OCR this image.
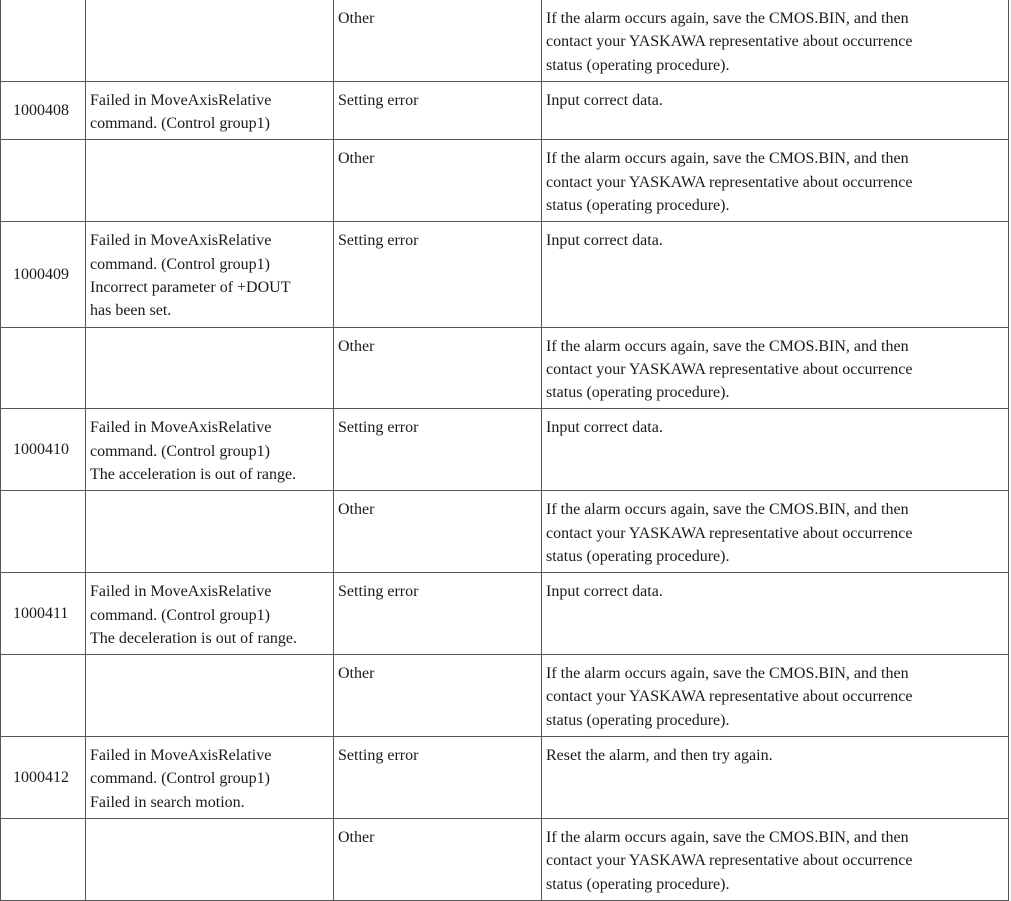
		Other	If the alarm occurs again, save the CMOS.BIN, and then
contact your YASKAWA representative about occurrence
status (operating procedure).

1000408	Failed in MoveAxisRelative
command. (Control group1)	Setting error	Input correct data.

		Other	If the alarm occurs again, save the CMOS.BIN, and then
contact your YASKAWA representative about occurrence
status (operating procedure).

1000409	Failed in MoveAxisRelative
command. (Control group1)
Incorrect parameter of +DOUT
has been set.	Setting error	Input correct data.

		Other	If the alarm occurs again, save the CMOS.BIN, and then
contact your YASKAWA representative about occurrence
status (operating procedure).

1000410	Failed in MoveAxisRelative
command. (Control group1)
The acceleration is out of range.	Setting error	Input correct data.

		Other	If the alarm occurs again, save the CMOS.BIN, and then
contact your YASKAWA representative about occurrence
status (operating procedure).

1000411	Failed in MoveAxisRelative
command. (Control group1)
The deceleration is out of range.	Setting error	Input correct data.

		Other	If the alarm occurs again, save the CMOS.BIN, and then
contact your YASKAWA representative about occurrence
status (operating procedure).

1000412	Failed in MoveAxisRelative
command. (Control group1)
Failed in search motion.	Setting error	Reset the alarm, and then try again.

		Other	If the alarm occurs again, save the CMOS.BIN, and then
contact your YASKAWA representative about occurrence
status (operating procedure).
